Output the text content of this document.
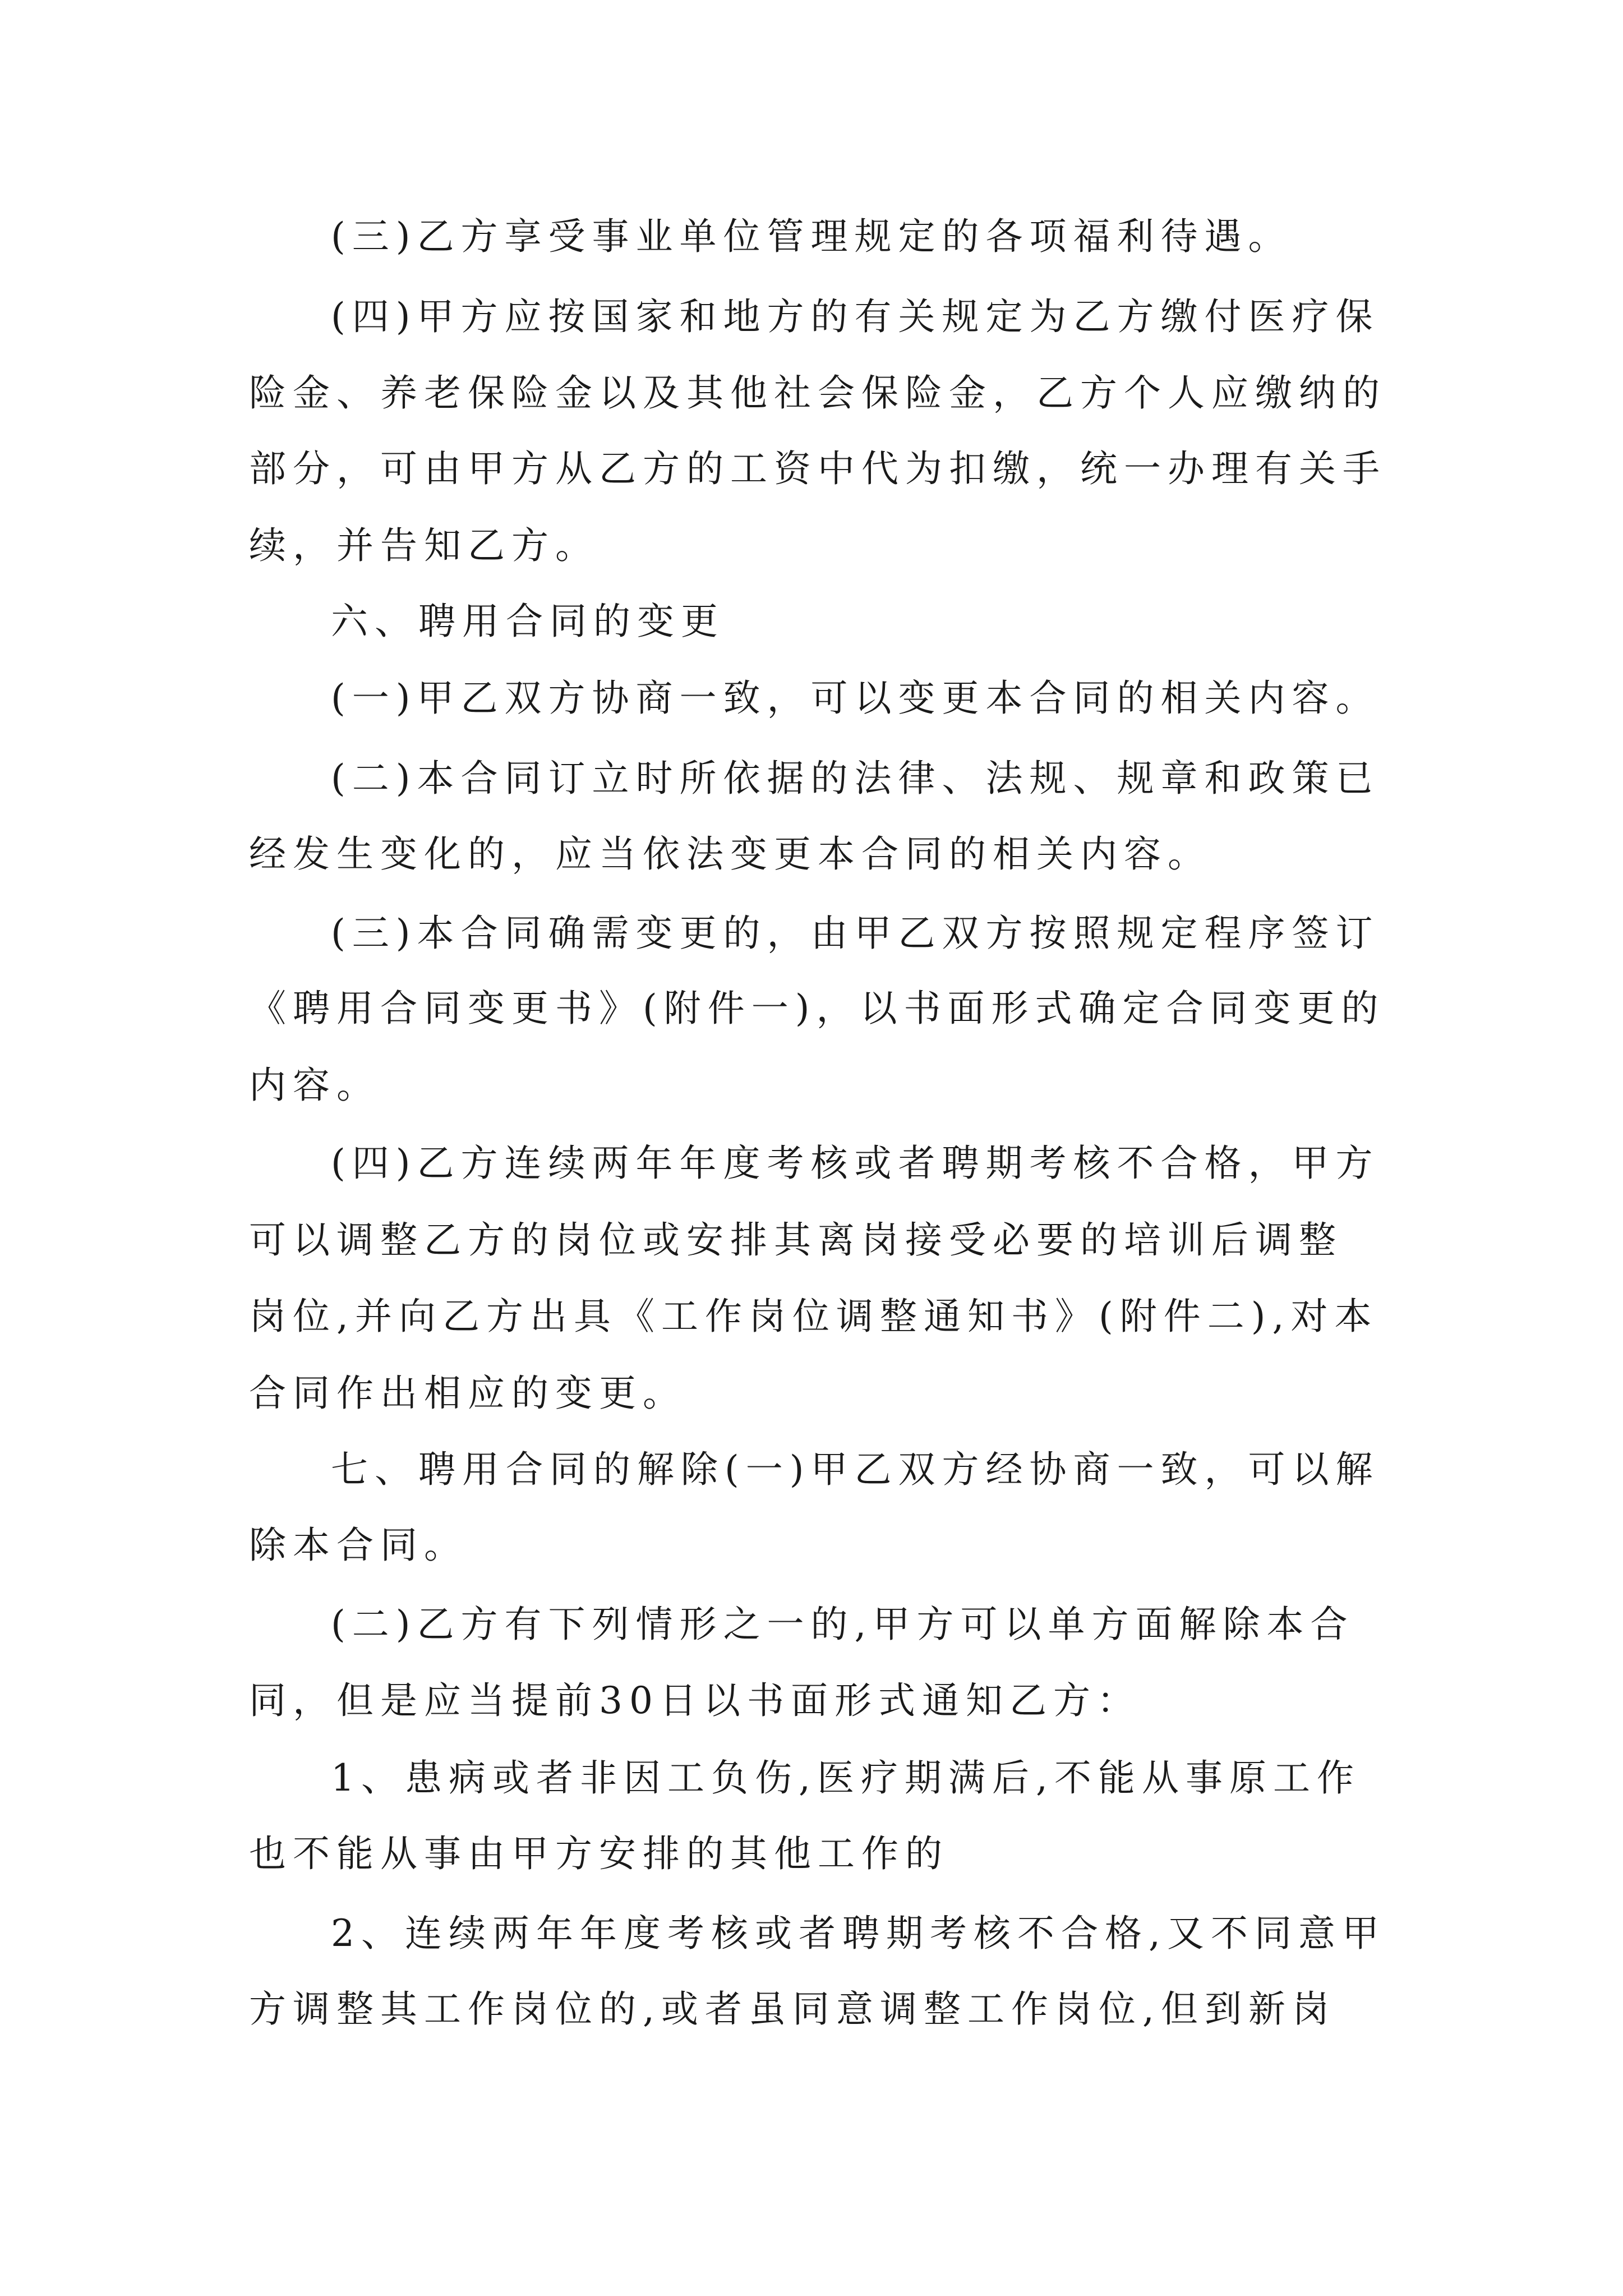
(三)乙方享受事业单位管理规定的各项福利待遇。
(四)甲方应按国家和地方的有关规定为乙方缴付医疗保
险金、养老保险金以及其他社会保险金，乙方个人应缴纳的
部分，可由甲方从乙方的工资中代为扣缴，统一办理有关手
续，并告知乙方。
六、聘用合同的变更
(一)甲乙双方协商一致，可以变更本合同的相关内容。
(二)本合同订立时所依据的法律、法规、规章和政策已
经发生变化的，应当依法变更本合同的相关内容。
(三)本合同确需变更的，由甲乙双方按照规定程序签订
《聘用合同变更书》(附件一)，以书面形式确定合同变更的
内容。
(四)乙方连续两年年度考核或者聘期考核不合格，甲方
可以调整乙方的岗位或安排其离岗接受必要的培训后调整
岗位,并向乙方出具《工作岗位调整通知书》(附件二),对本
合同作出相应的变更。
七、聘用合同的解除(一)甲乙双方经协商一致，可以解
除本合同。
(二)乙方有下列情形之一的,甲方可以单方面解除本合
同，但是应当提前30日以书面形式通知乙方：
1、患病或者非因工负伤,医疗期满后,不能从事原工作
也不能从事由甲方安排的其他工作的
2、连续两年年度考核或者聘期考核不合格,又不同意甲
方调整其工作岗位的,或者虽同意调整工作岗位,但到新岗
